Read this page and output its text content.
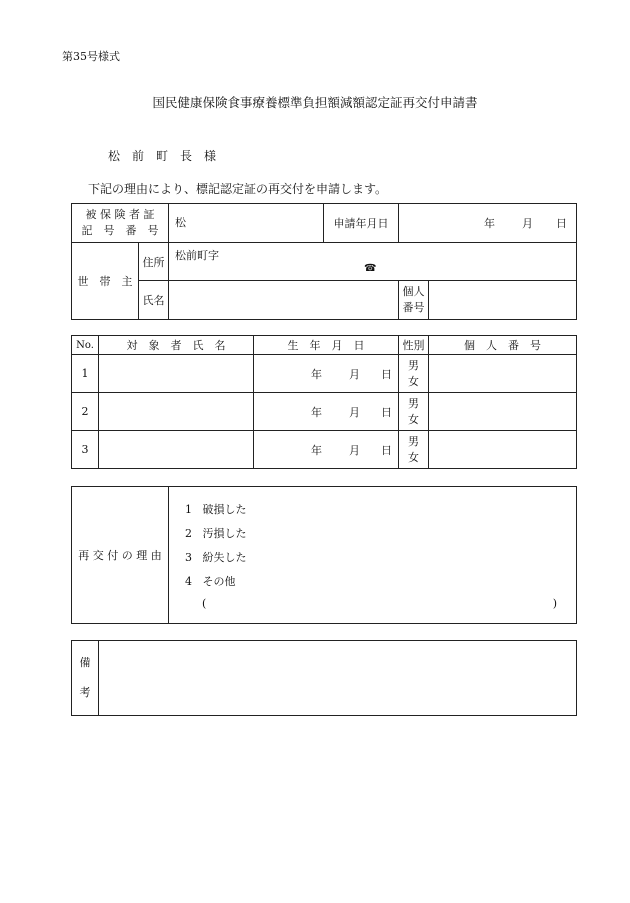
第35号様式
国民健康保険食事療養標準負担額減額認定証再交付申請書
松　前　町　長　様
下記の理由により、標記認定証の再交付を申請します。
被 保 険 者 証
記　号　番　号		松	申請年月日	年 月 日	
世　帯　主	住所	松前町字
☎			

	氏名			個人
番号	

No.	対　象　者　氏　名	生　年　月　日	性別	個　人　番　号
1		年 月 日	男
女	

2		年 月 日	男
女	

3		年 月 日	男
女	

再 交 付 の 理 由	
1 破損した
2 汚損した
3 紛失した
4 その他
(	)
備
考
